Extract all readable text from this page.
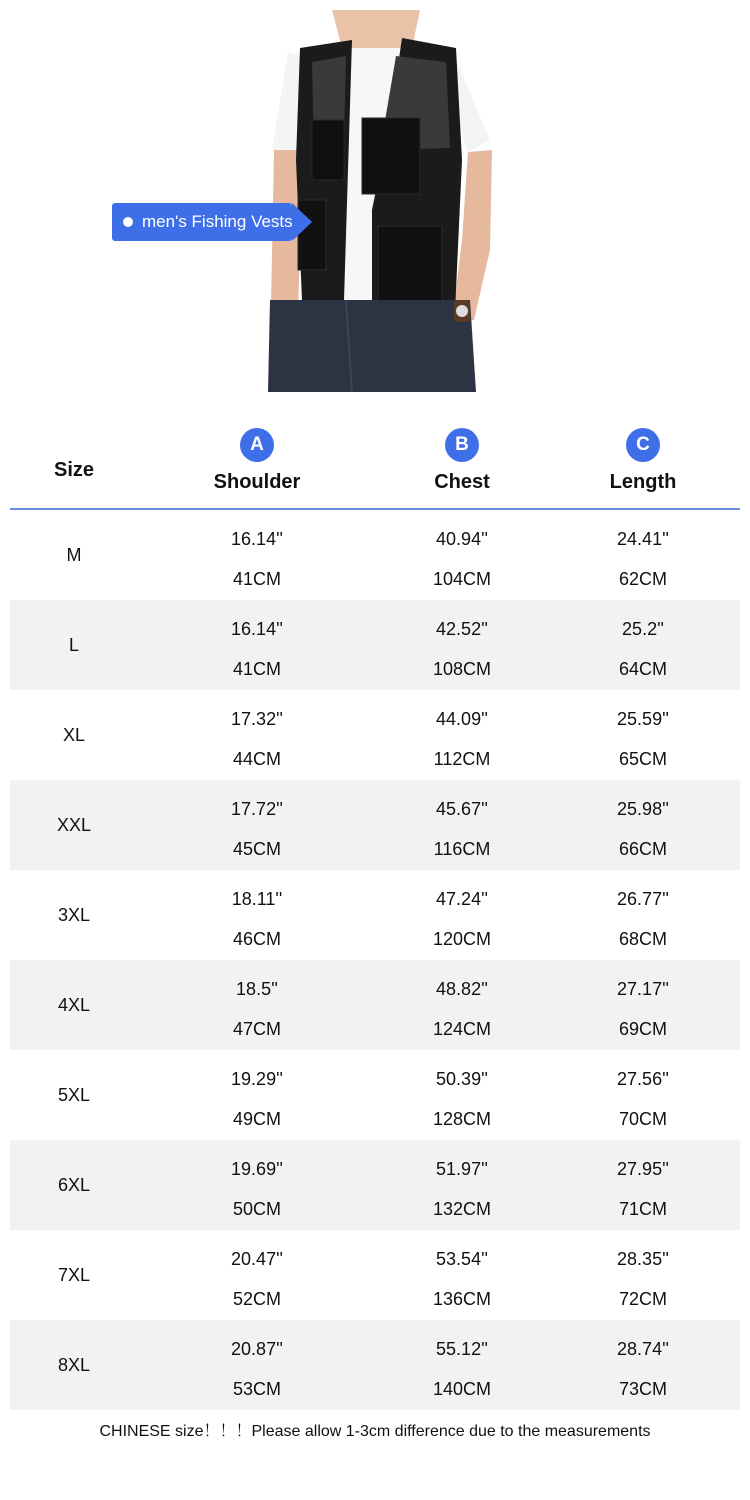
men's Fishing Vests
Size
A
Shoulder
B
Chest
C
Length
M
16.14''
41CM
40.94''
104CM
24.41''
62CM
L
16.14''
41CM
42.52''
108CM
25.2''
64CM
XL
17.32''
44CM
44.09''
112CM
25.59''
65CM
XXL
17.72''
45CM
45.67''
116CM
25.98''
66CM
3XL
18.11''
46CM
47.24''
120CM
26.77''
68CM
4XL
18.5''
47CM
48.82''
124CM
27.17''
69CM
5XL
19.29''
49CM
50.39''
128CM
27.56''
70CM
6XL
19.69''
50CM
51.97''
132CM
27.95''
71CM
7XL
20.47''
52CM
53.54''
136CM
28.35''
72CM
8XL
20.87''
53CM
55.12''
140CM
28.74''
73CM
CHINESE size！！！Please allow 1-3cm difference due to the measurements
